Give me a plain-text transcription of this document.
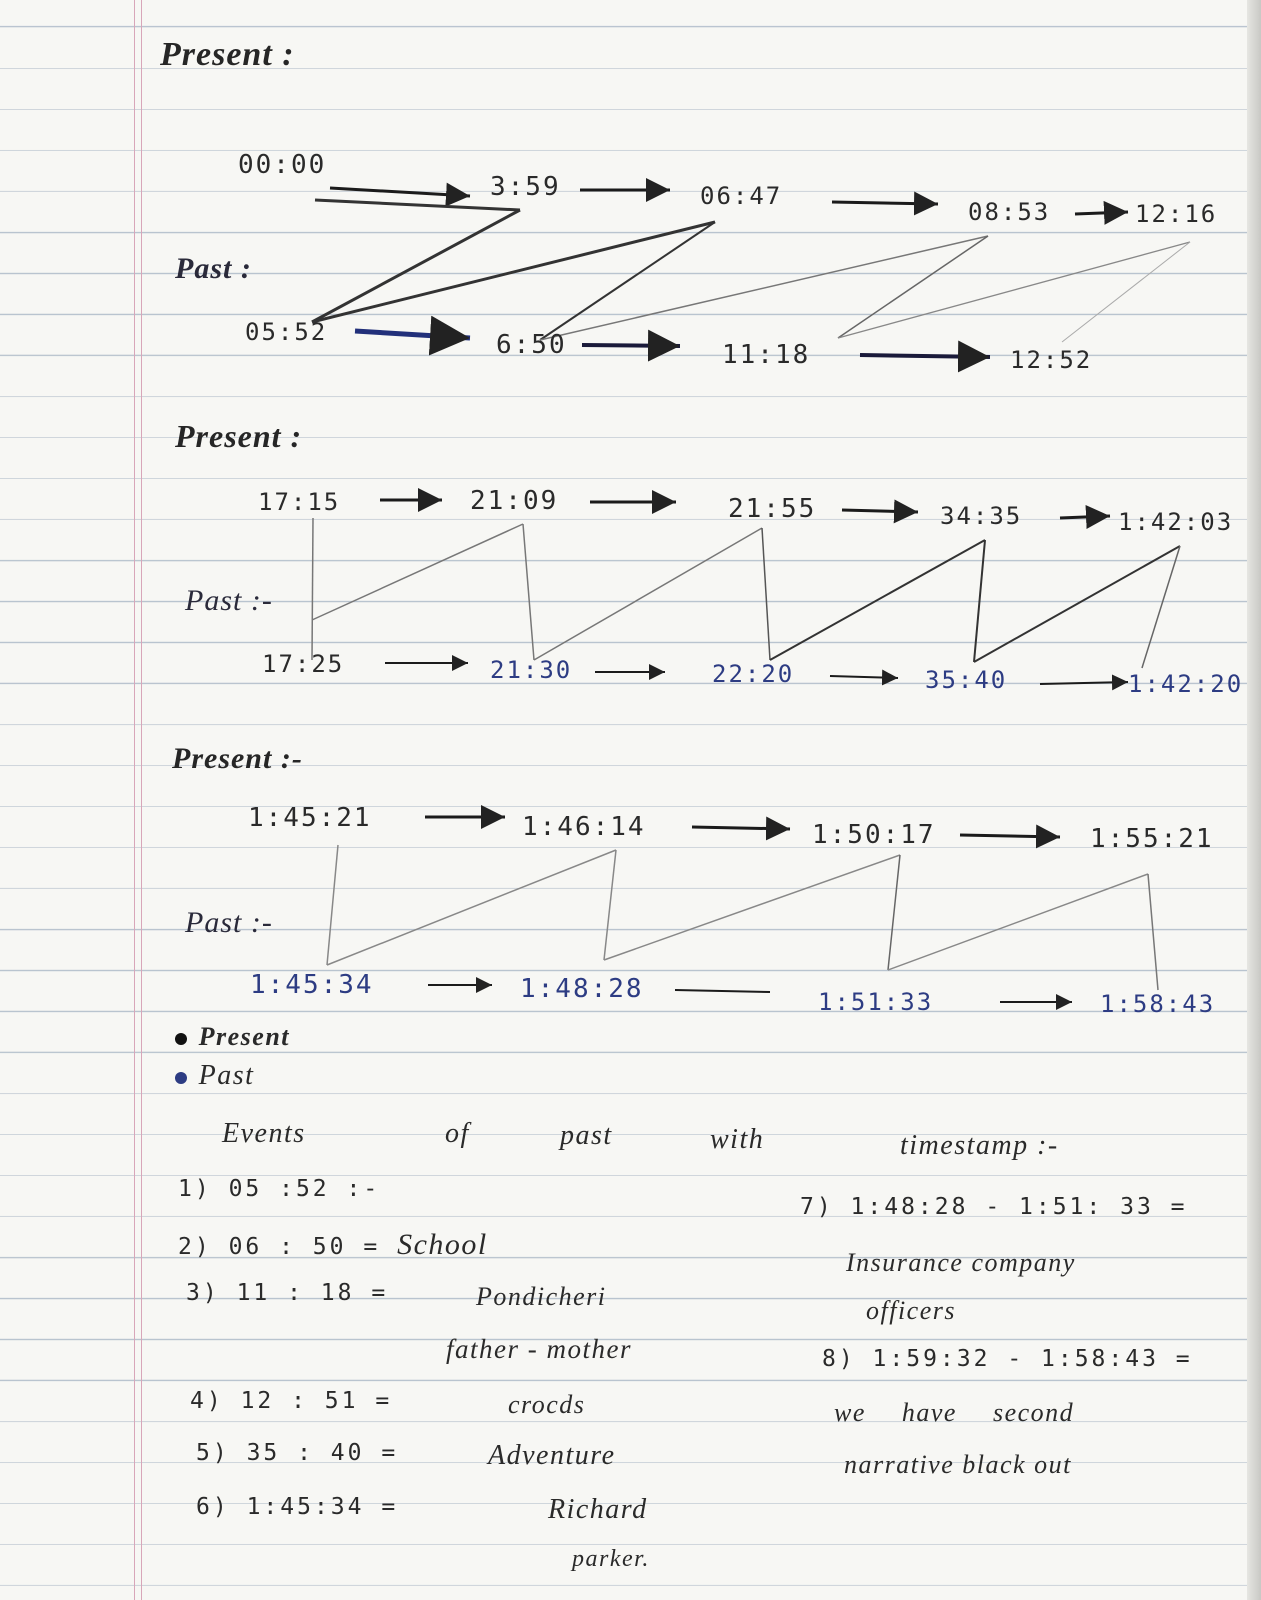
Present :
Past :
00:00
3:59	06:47
08:53	12:16
05:52	6:50	11:18	12:52
Present :
Past :-
17:15	21:09	21:55	34:35	1:42:03
17:25	21:30	22:20	35:40	1:42:20
Present :-
Past :-
1:45:21	1:46:14	1:50:17	1:55:21
1:45:34	1:48:28	1:51:33	1:58:43
Present
Past
Events	of	past	with	timestamp :-
1) 05 :52 :-
2) 06 : 50 = School
3) 11 : 18 =	Pondicheri
father - mother
4) 12 : 51 =	crocds
5) 35 : 40 =	Adventure
6) 1:45:34 =	Richard
parker.
7) 1:48:28 - 1:51: 33 =
Insurance company
officers
8) 1:59:32 - 1:58:43 =
we have second
narrative black out
